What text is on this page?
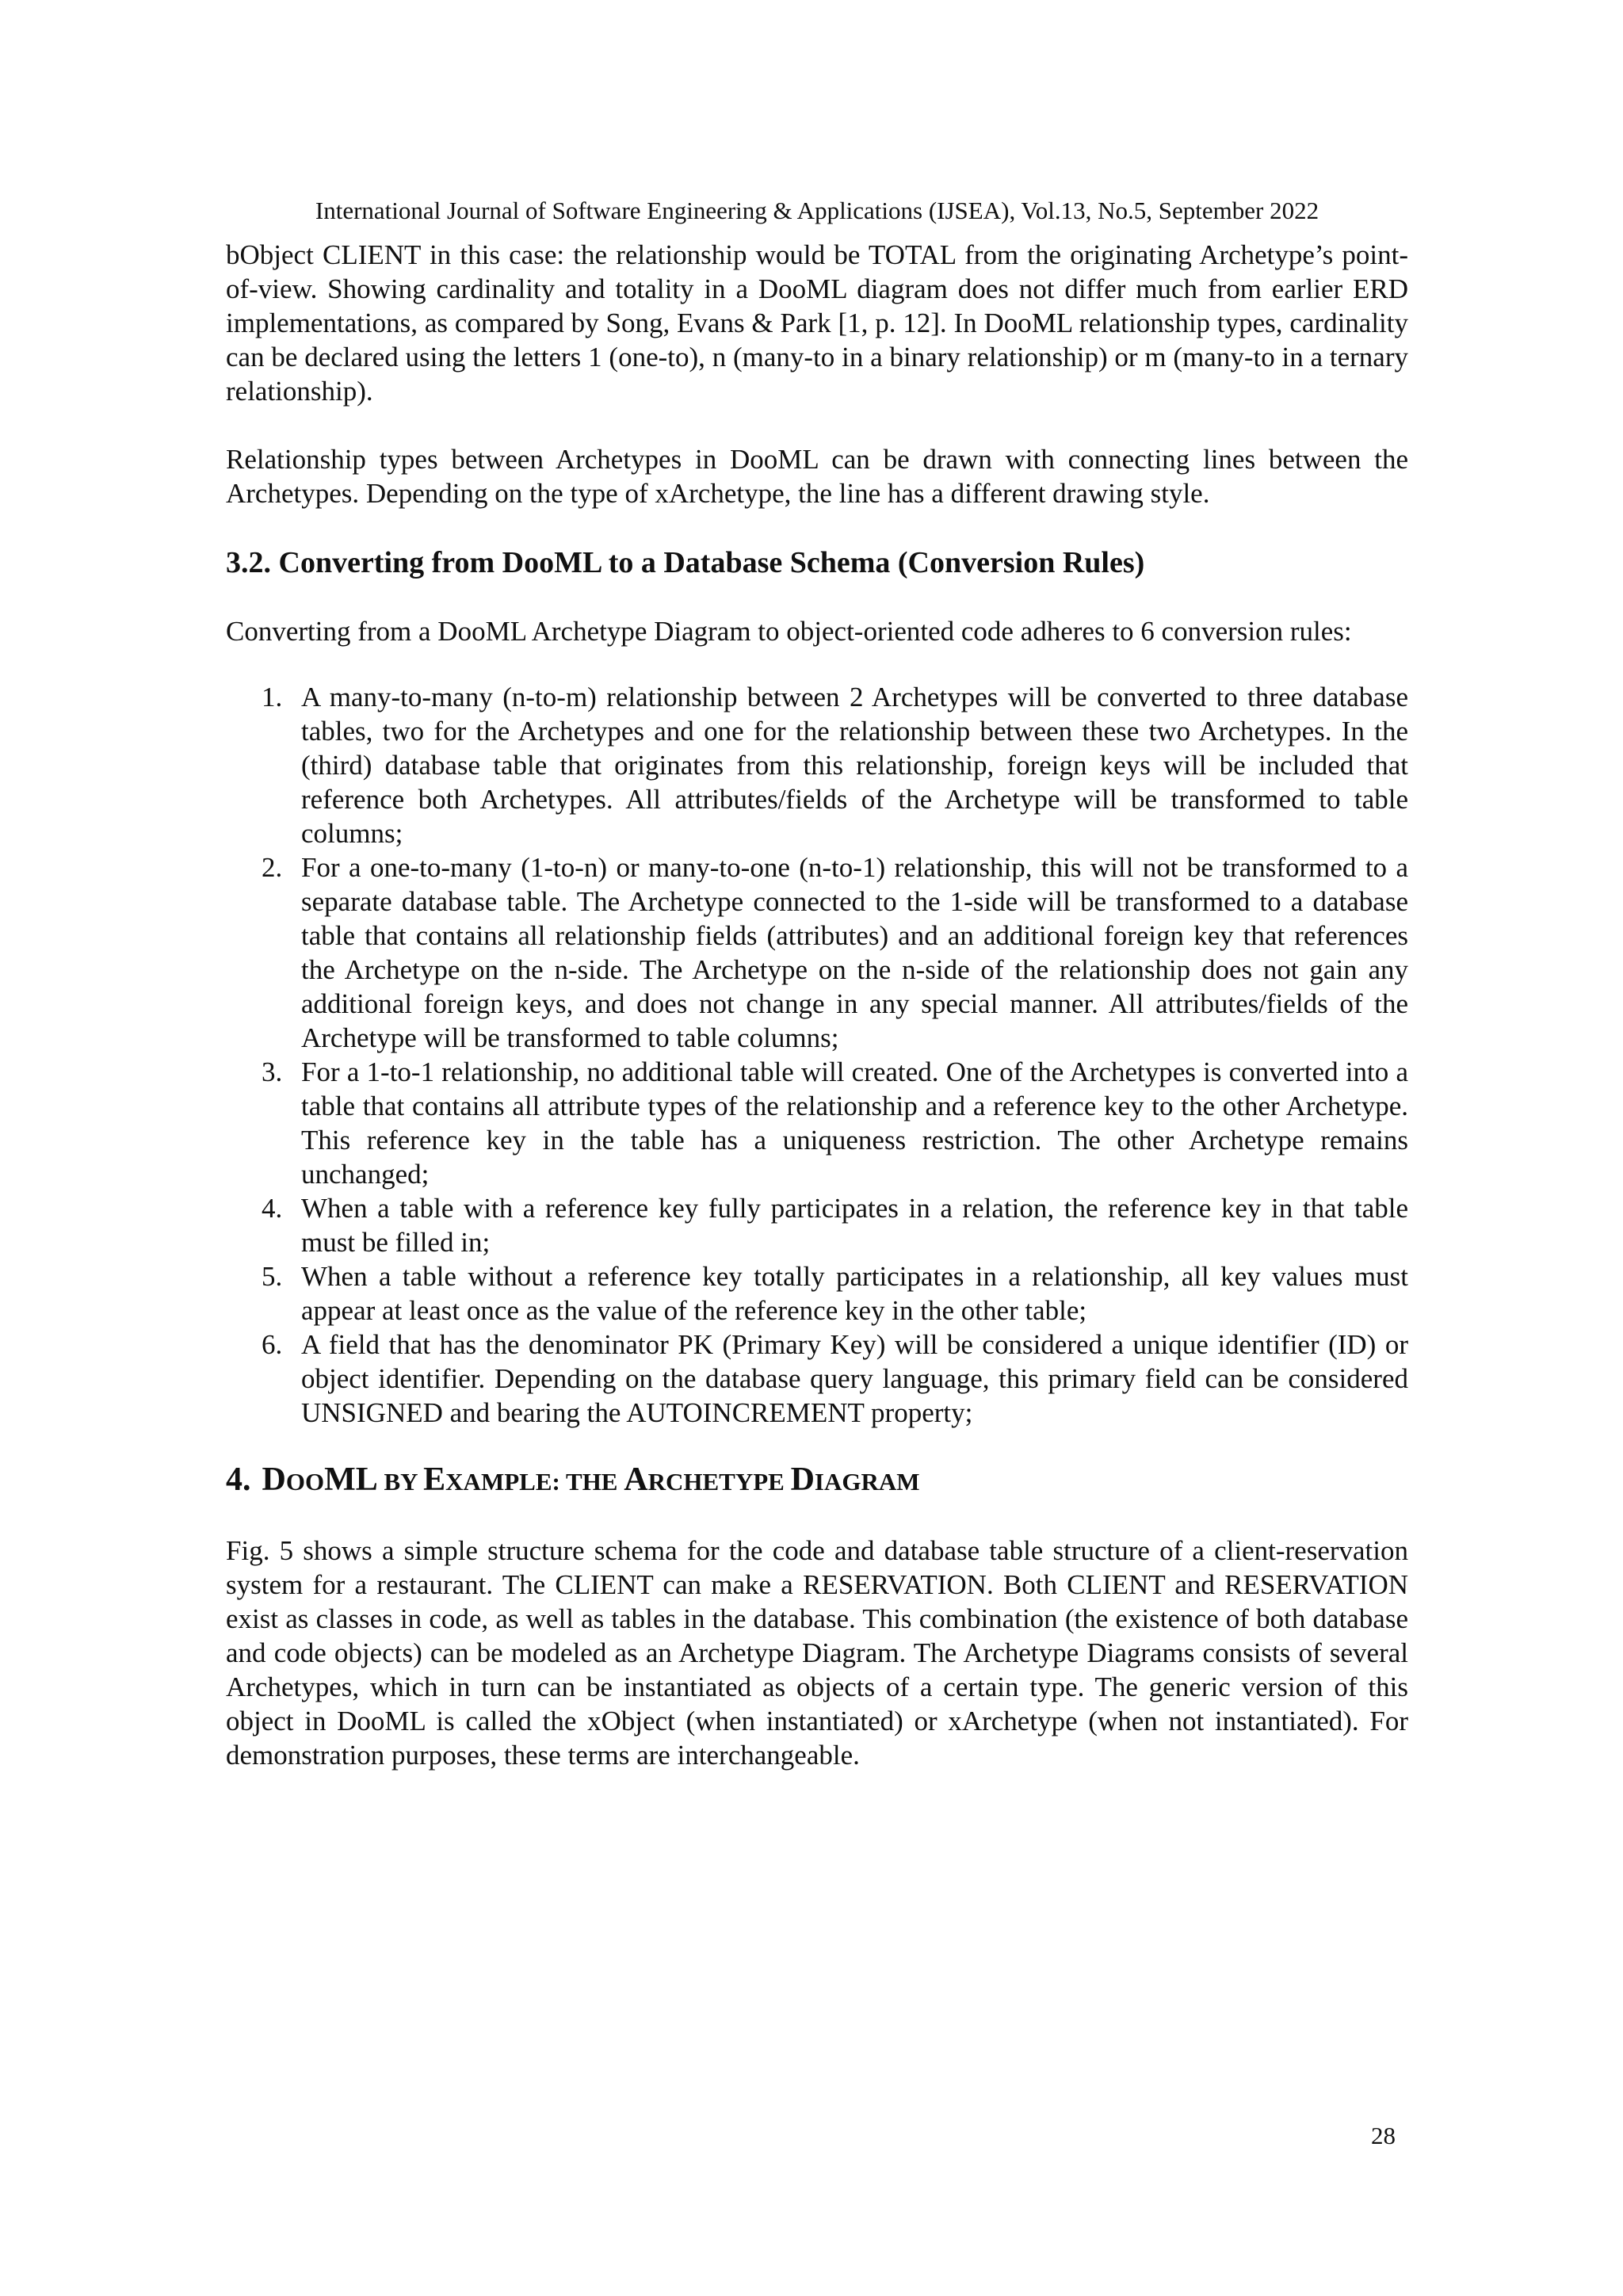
International Journal of Software Engineering & Applications (IJSEA), Vol.13, No.5, September 2022

bObject CLIENT in this case: the relationship would be TOTAL from the originating Archetype’s point-of-view. Showing cardinality and totality in a DooML diagram does not differ much from earlier ERD implementations, as compared by Song, Evans & Park [1, p. 12]. In DooML relationship types, cardinality can be declared using the letters 1 (one-to), n (many-to in a binary relationship) or m (many-to in a ternary relationship).

Relationship types between Archetypes in DooML can be drawn with connecting lines between the Archetypes. Depending on the type of xArchetype, the line has a different drawing style.

3.2. Converting from DooML to a Database Schema (Conversion Rules)

Converting from a DooML Archetype Diagram to object-oriented code adheres to 6 conversion rules:

1. A many-to-many (n-to-m) relationship between 2 Archetypes will be converted to three database tables, two for the Archetypes and one for the relationship between these two Archetypes. In the (third) database table that originates from this relationship, foreign keys will be included that reference both Archetypes. All attributes/fields of the Archetype will be transformed to table columns;
2. For a one-to-many (1-to-n) or many-to-one (n-to-1) relationship, this will not be transformed to a separate database table. The Archetype connected to the 1-side will be transformed to a database table that contains all relationship fields (attributes) and an additional foreign key that references the Archetype on the n-side. The Archetype on the n-side of the relationship does not gain any additional foreign keys, and does not change in any special manner. All attributes/fields of the Archetype will be transformed to table columns;
3. For a 1-to-1 relationship, no additional table will created. One of the Archetypes is converted into a table that contains all attribute types of the relationship and a reference key to the other Archetype. This reference key in the table has a uniqueness restriction. The other Archetype remains unchanged;
4. When a table with a reference key fully participates in a relation, the reference key in that table must be filled in;
5. When a table without a reference key totally participates in a relationship, all key values must appear at least once as the value of the reference key in the other table;
6. A field that has the denominator PK (Primary Key) will be considered a unique identifier (ID) or object identifier. Depending on the database query language, this primary field can be considered UNSIGNED and bearing the AUTOINCREMENT property;
4. DOOML BY EXAMPLE: THE ARCHETYPE DIAGRAM

Fig. 5 shows a simple structure schema for the code and database table structure of a client-reservation system for a restaurant. The CLIENT can make a RESERVATION. Both CLIENT and RESERVATION exist as classes in code, as well as tables in the database. This combination (the existence of both database and code objects) can be modeled as an Archetype Diagram. The Archetype Diagrams consists of several Archetypes, which in turn can be instantiated as objects of a certain type. The generic version of this object in DooML is called the xObject (when instantiated) or xArchetype (when not instantiated). For demonstration purposes, these terms are interchangeable.

28
